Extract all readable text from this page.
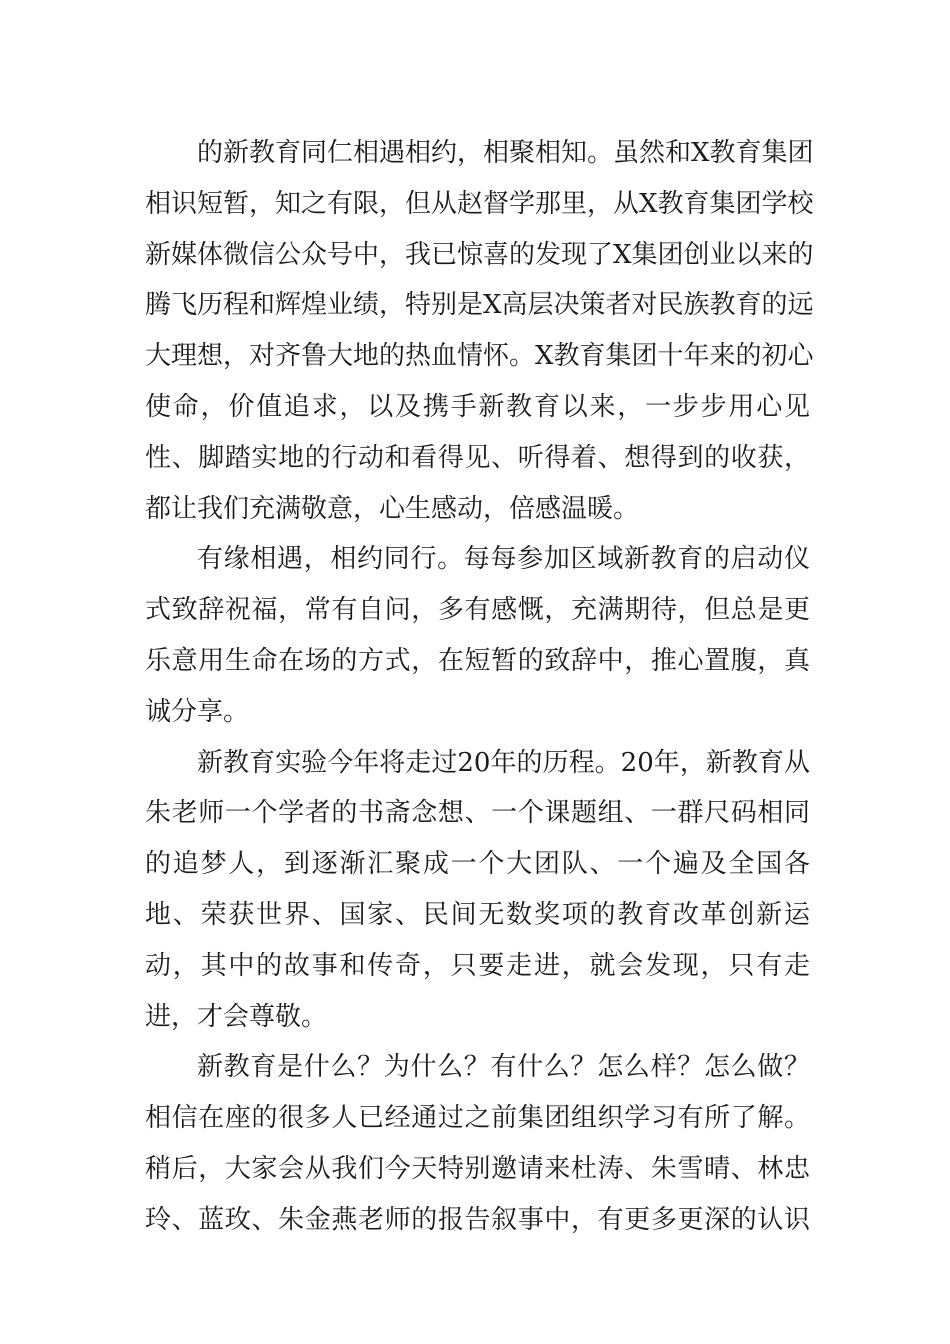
的新教育同仁相遇相约，相聚相知。虽然和X教育集团
相识短暂，知之有限，但从赵督学那里，从X教育集团学校
新媒体微信公众号中，我已惊喜的发现了X集团创业以来的
腾飞历程和辉煌业绩，特别是X高层决策者对民族教育的远
大理想，对齐鲁大地的热血情怀。X教育集团十年来的初心
使命，价值追求，以及携手新教育以来，一步步用心见
性、脚踏实地的行动和看得见、听得着、想得到的收获，
都让我们充满敬意，心生感动，倍感温暖。
有缘相遇，相约同行。每每参加区域新教育的启动仪
式致辞祝福，常有自问，多有感慨，充满期待，但总是更
乐意用生命在场的方式，在短暂的致辞中，推心置腹，真
诚分享。
新教育实验今年将走过20年的历程。20年，新教育从
朱老师一个学者的书斋念想、一个课题组、一群尺码相同
的追梦人，到逐渐汇聚成一个大团队、一个遍及全国各
地、荣获世界、国家、民间无数奖项的教育改革创新运
动，其中的故事和传奇，只要走进，就会发现，只有走
进，才会尊敬。
新教育是什么？为什么？有什么？怎么样？怎么做？
相信在座的很多人已经通过之前集团组织学习有所了解。
稍后，大家会从我们今天特别邀请来杜涛、朱雪晴、林忠
玲、蓝玫、朱金燕老师的报告叙事中，有更多更深的认识
